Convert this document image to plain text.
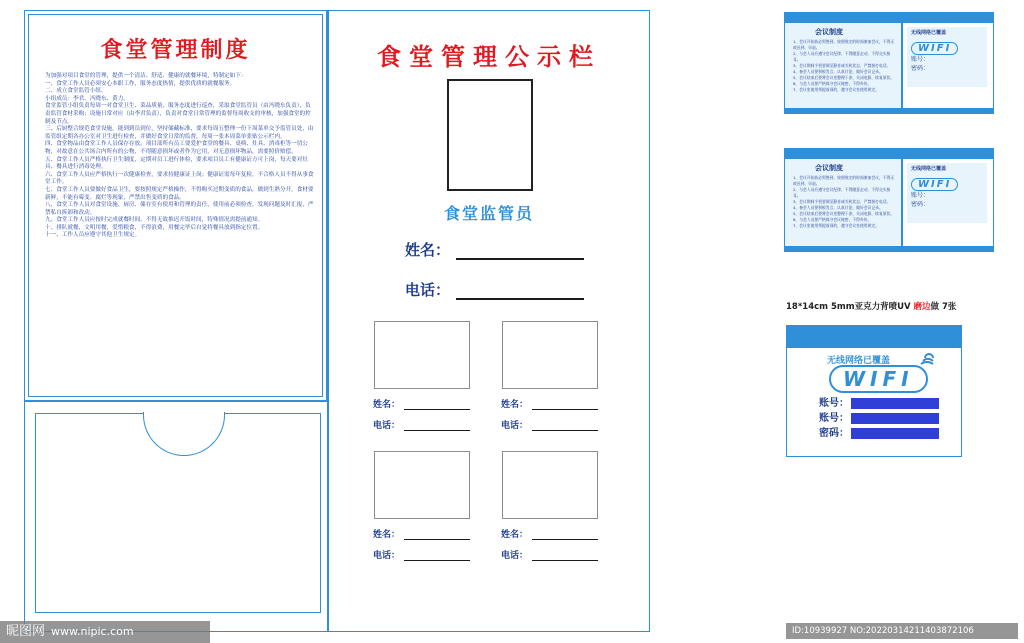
食堂管理制度

为加强对项目食堂的管理，提供一个清洁、舒适、健康的就餐环境，特制定如下：

一、食堂工作人员必须安心本职工作，服务态度热情，提供优质的就餐服务。

二、成立食堂监管小组，

小组成员：李君、冯晓东、黄力。

食堂监管小组负责每周一对食堂卫生、菜品质量、服务态度进行巡查，采取食堂监管员（由冯晓东负责），负责监管食材采购；设施日常对应（由李君负责），负责对食堂日常管理的监督每周收支的审核，加强食堂的控制及节点。

三、后厨整合规范食堂设施，能到到员到位，坚持储藏标准，要求每周五整理一份下周菜单交予监管员处，由监管组定期各办公室对卫生进行检查，并做好食堂日常的监督，每周一张本周菜单张贴公示栏内。

四、食堂物品由食堂工作人员保存存放，项目部所有员工要爱护食堂的餐具、桌椅、灶具、消毒柜等一切公物，对故意在公共场合内所有的公物，不得随意损坏或者作为它用，对无意损坏物品，需要照价赔偿。

五、食堂工作人员严格执行卫生制度，定期对员工进行体检，要求项目员工有健康证方可上岗，每天要对灶具、餐具进行消毒处理。

六、食堂工作人员应严格执行一次健康检查，要求持健康证上岗；健康证需每年复检，不合格人员不得从事食堂工作。

七、食堂工作人员要做好食品卫生，要按照规定严格操作，不得购买过期变质的食品，做到生熟分开，食材要新鲜，不能有霉变、腐烂等现象，严禁出售变质的食品。

八、食堂工作人员对食堂设施、厨房、储存室有使用和管理的责任，使用前必须检查，发现问题及时汇报，严禁私自拆卸和改动。

九、食堂工作人员应按时完成就餐时间，不得无故推迟开饭时间，特殊情况需提前通知。

十、排队就餐，文明用餐，爱惜粮食，不得浪费，用餐完毕后自觉将餐具放到指定位置。

十一、工作人员应遵守其他卫生规定。

食堂管理公示栏
食堂监管员
姓名：
电话：
姓名：
电话：
姓名：
电话：
姓名：
电话：
姓名：
电话：
会议制度
1、会议开始前必须签到，按照规定的时间参加会议，不得无故迟到、早退。
2、与会人员应遵守会议纪律，不得随意走动，不得交头接耳。
3、会议期间手机要调至静音或关机状态，严禁接打电话。
4、参会人员要积极发言，认真讨论，做好会议记录。
5、会议结束后要将会议室整理干净，关闭电源，恢复原状。
6、与会人员要严格保守会议秘密，不得外传。
7、会议室使用须提前预约，遵守会议室使用规定。
无线网络已覆盖
WIFI
账号：
密码：
会议制度
1、会议开始前必须签到，按照规定的时间参加会议，不得无故迟到、早退。
2、与会人员应遵守会议纪律，不得随意走动，不得交头接耳。
3、会议期间手机要调至静音或关机状态，严禁接打电话。
4、参会人员要积极发言，认真讨论，做好会议记录。
5、会议结束后要将会议室整理干净，关闭电源，恢复原状。
6、与会人员要严格保守会议秘密，不得外传。
7、会议室使用须提前预约，遵守会议室使用规定。
无线网络已覆盖
WIFI
账号：
密码：
18*14cm 5mm亚克力背喷UV 磨边做 7张
无线网络已覆盖
WIFI
账号：
账号：
密码：
昵图网 www.nipic.com	ID:10939927 NO:20220314211403872106
